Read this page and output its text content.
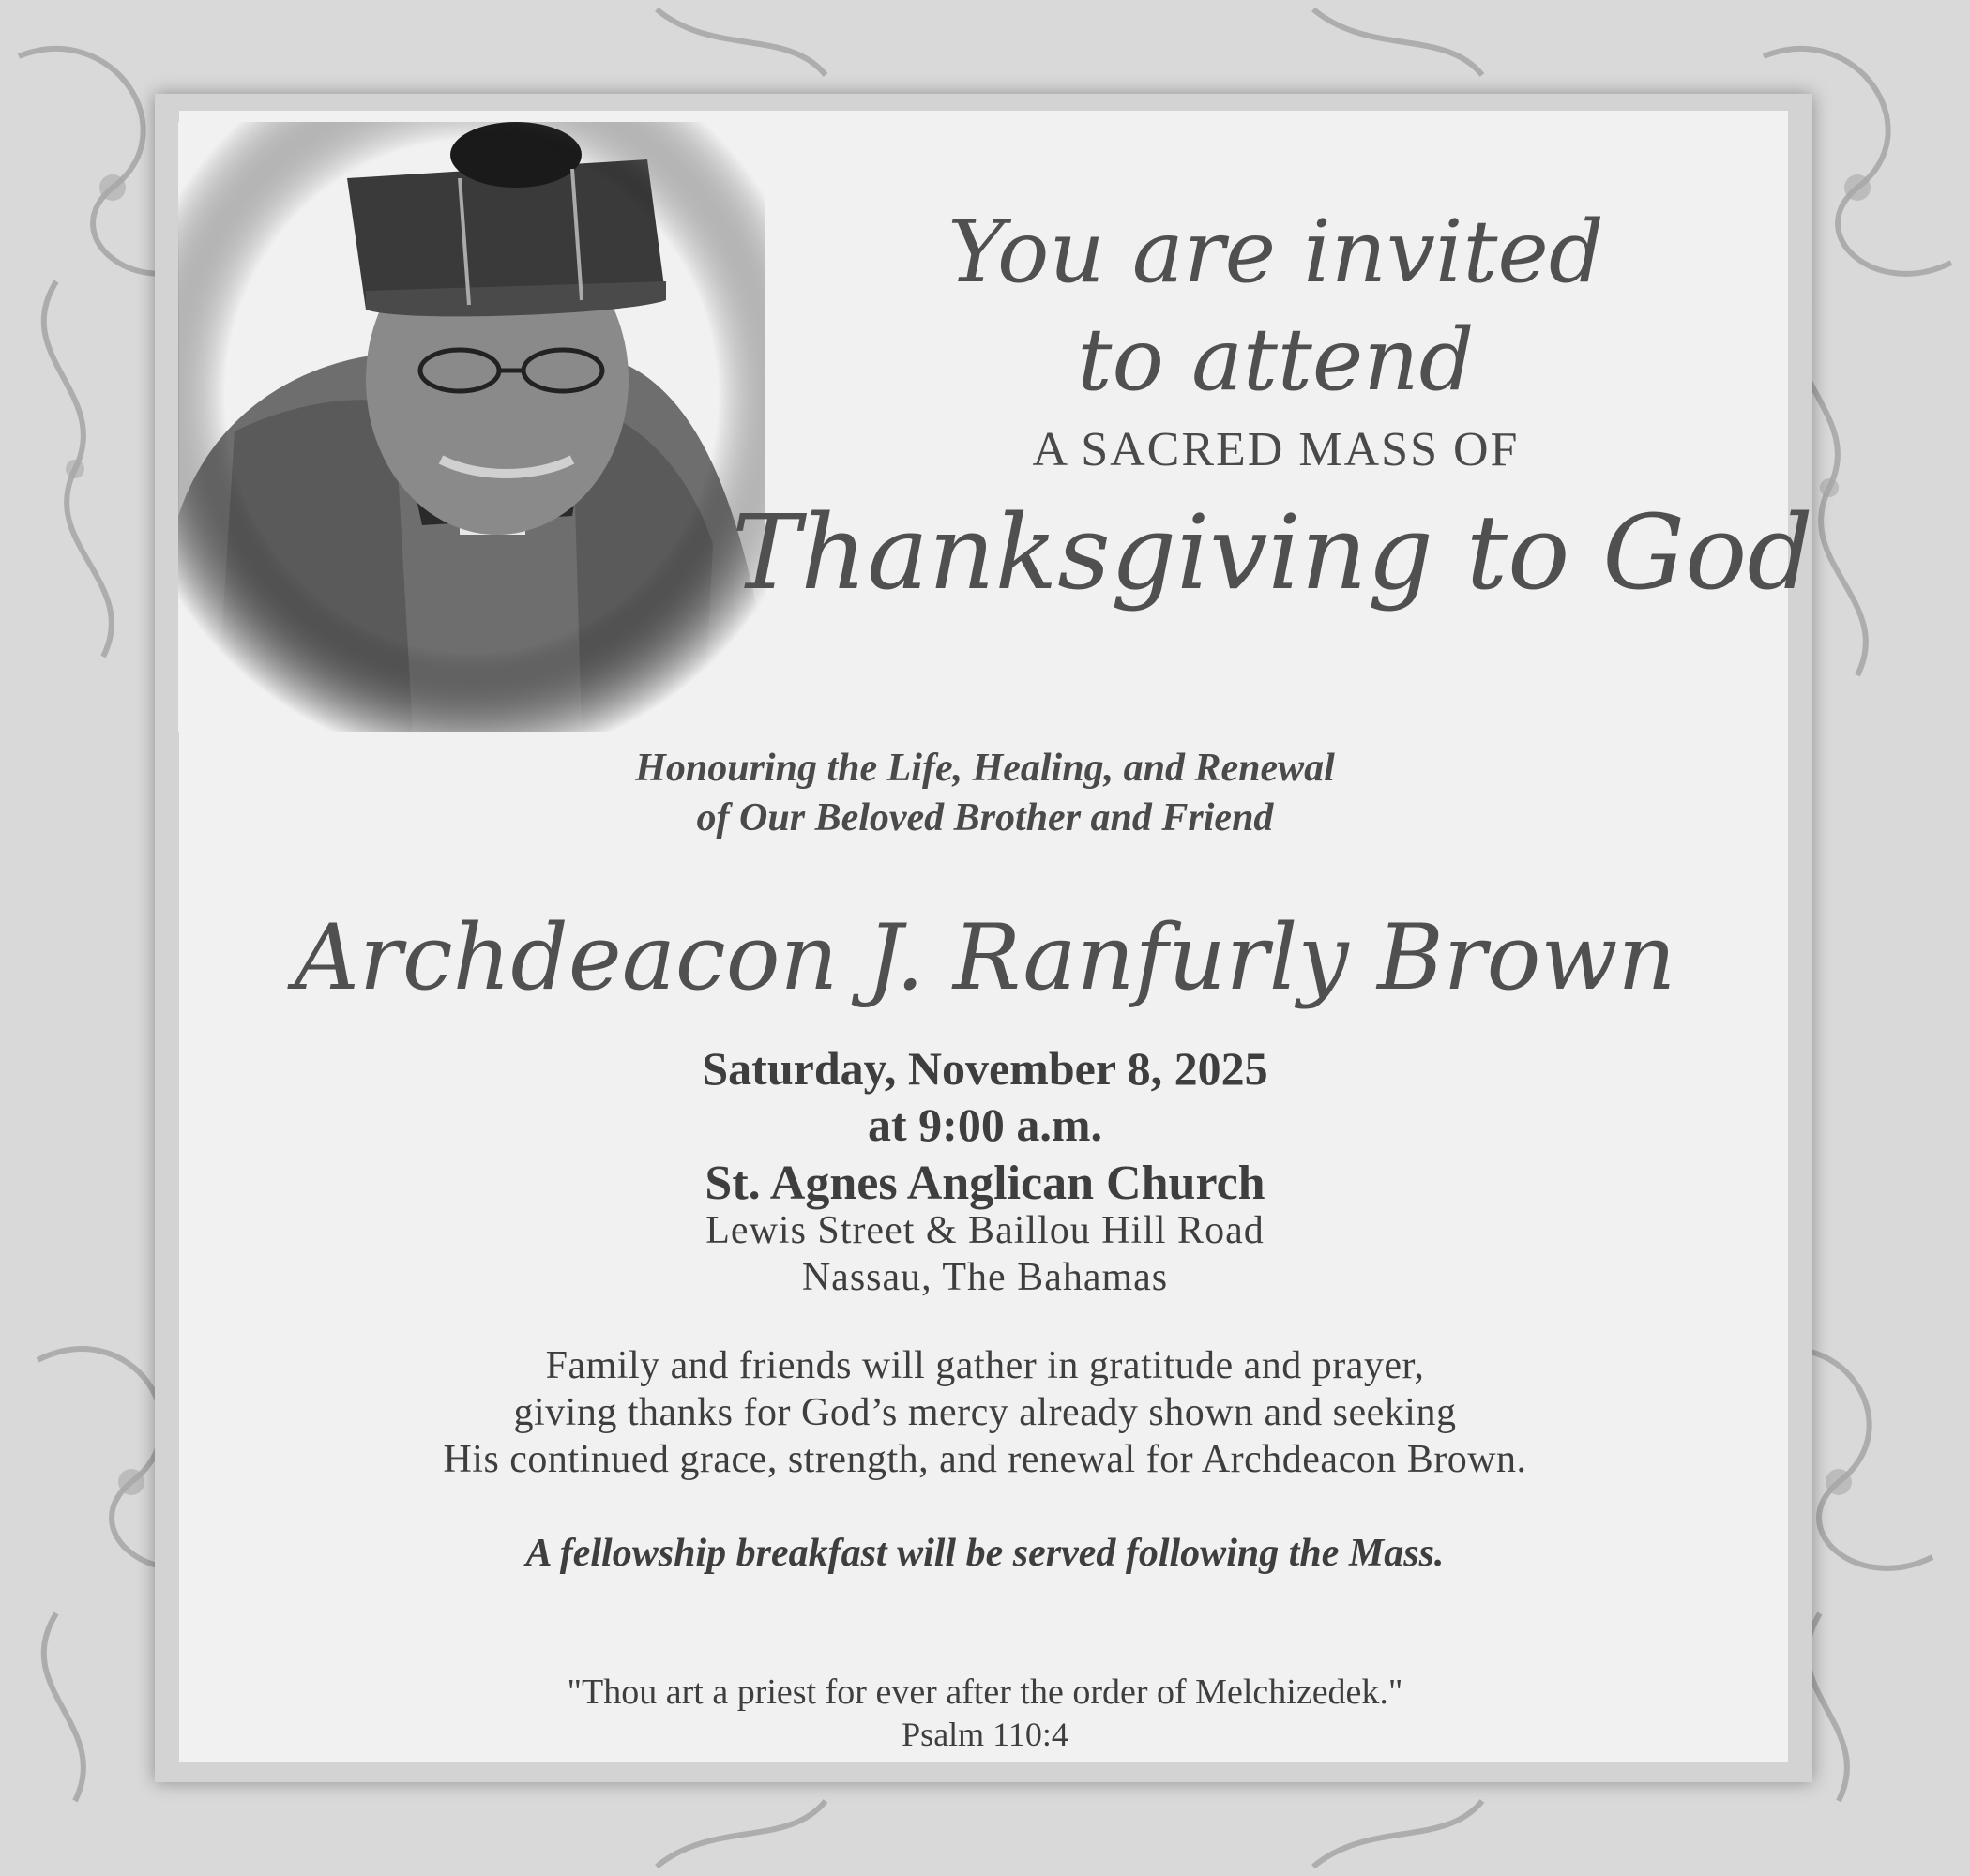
You are invited
to attend
A SACRED MASS OF
Thanksgiving to God
Honouring the Life, Healing, and Renewal
of Our Beloved Brother and Friend
Archdeacon J. Ranfurly Brown
Saturday, November 8, 2025
at 9:00 a.m.
St. Agnes Anglican Church
Lewis Street & Baillou Hill Road
Nassau, The Bahamas
Family and friends will gather in gratitude and prayer,
giving thanks for God’s mercy already shown and seeking
His continued grace, strength, and renewal for Archdeacon Brown.
A fellowship breakfast will be served following the Mass.
"Thou art a priest for ever after the order of Melchizedek."
Psalm 110:4
